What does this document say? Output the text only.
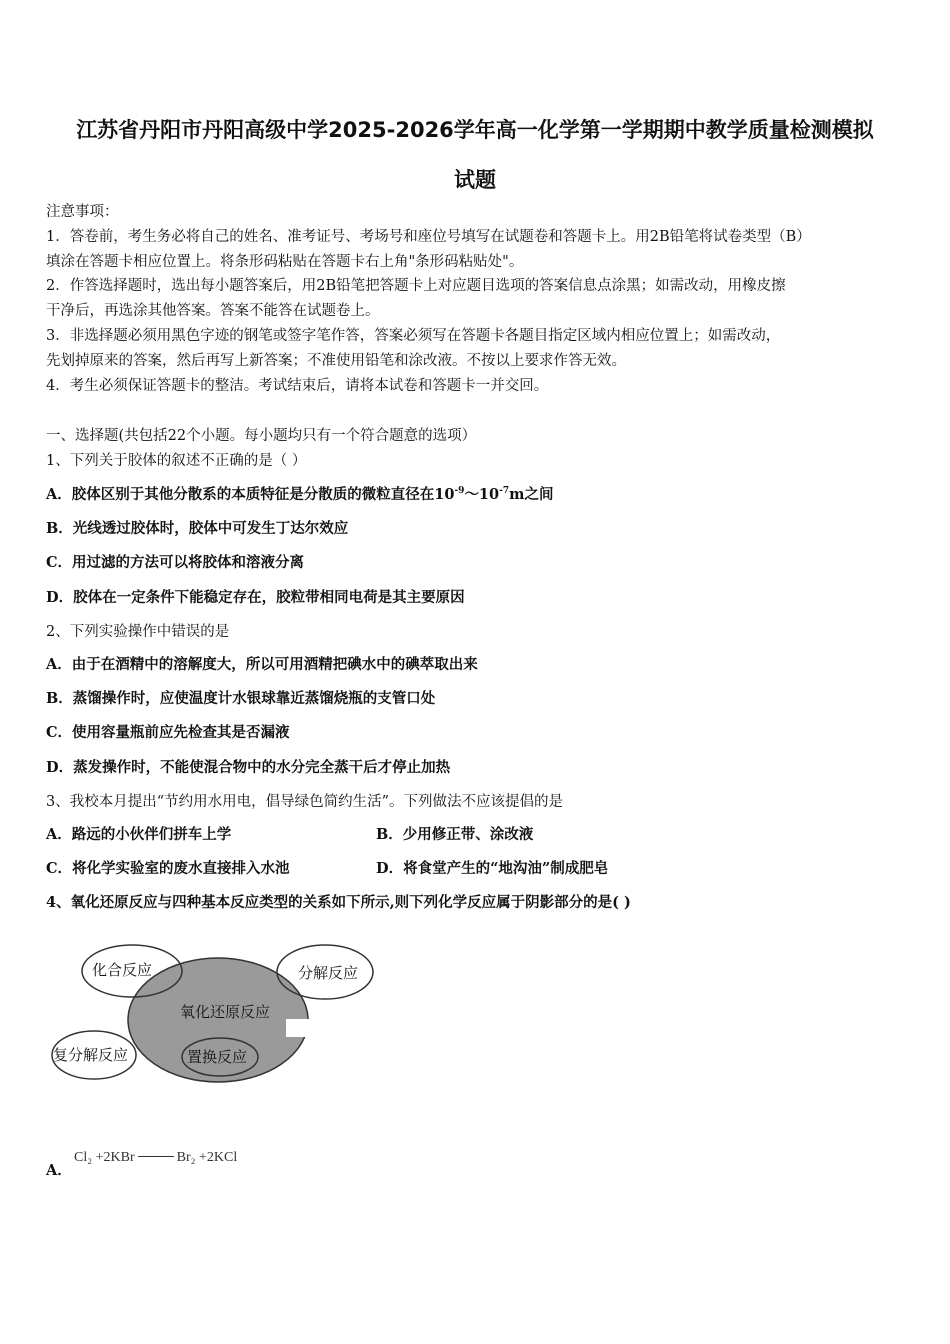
江苏省丹阳市丹阳高级中学2025-2026学年高一化学第一学期期中教学质量检测模拟
试题
注意事项：
1．答卷前，考生务必将自己的姓名、准考证号、考场号和座位号填写在试题卷和答题卡上。用2B铅笔将试卷类型（B）
填涂在答题卡相应位置上。将条形码粘贴在答题卡右上角"条形码粘贴处"。
2．作答选择题时，选出每小题答案后，用2B铅笔把答题卡上对应题目选项的答案信息点涂黑；如需改动，用橡皮擦
干净后，再选涂其他答案。答案不能答在试题卷上。
3．非选择题必须用黑色字迹的钢笔或签字笔作答，答案必须写在答题卡各题目指定区域内相应位置上；如需改动，
先划掉原来的答案，然后再写上新答案；不准使用铅笔和涂改液。不按以上要求作答无效。
4．考生必须保证答题卡的整洁。考试结束后，请将本试卷和答题卡一并交回。
一、选择题(共包括22个小题。每小题均只有一个符合题意的选项）
1、下列关于胶体的叙述不正确的是（ ）
A．胶体区别于其他分散系的本质特征是分散质的微粒直径在$10^{-9}\sim 10^{-7}m$之间
B．光线透过胶体时，胶体中可发生丁达尔效应
C．用过滤的方法可以将胶体和溶液分离
D．胶体在一定条件下能稳定存在，胶粒带相同电荷是其主要原因
2、下列实验操作中错误的是
A．由于在酒精中的溶解度大，所以可用酒精把碘水中的碘萃取出来
B．蒸馏操作时，应使温度计水银球靠近蒸馏烧瓶的支管口处
C．使用容量瓶前应先检查其是否漏液
D．蒸发操作时，不能使混合物中的水分完全蒸干后才停止加热
3、我校本月提出“节约用水用电，倡导绿色简约生活”。下列做法不应该提倡的是
A．路远的小伙伴们拼车上学	B．少用修正带、涂改液
C．将化学实验室的废水直接排入水池	D．将食堂产生的“地沟油”制成肥皂
4、氧化还原反应与四种基本反应类型的关系如下所示,则下列化学反应属于阴影部分的是( )
化合反应	分解反应
氧化还原反应
复分解反应	置换反应
A．
Cl₂ +2KBr	Br₂ +2KCl
